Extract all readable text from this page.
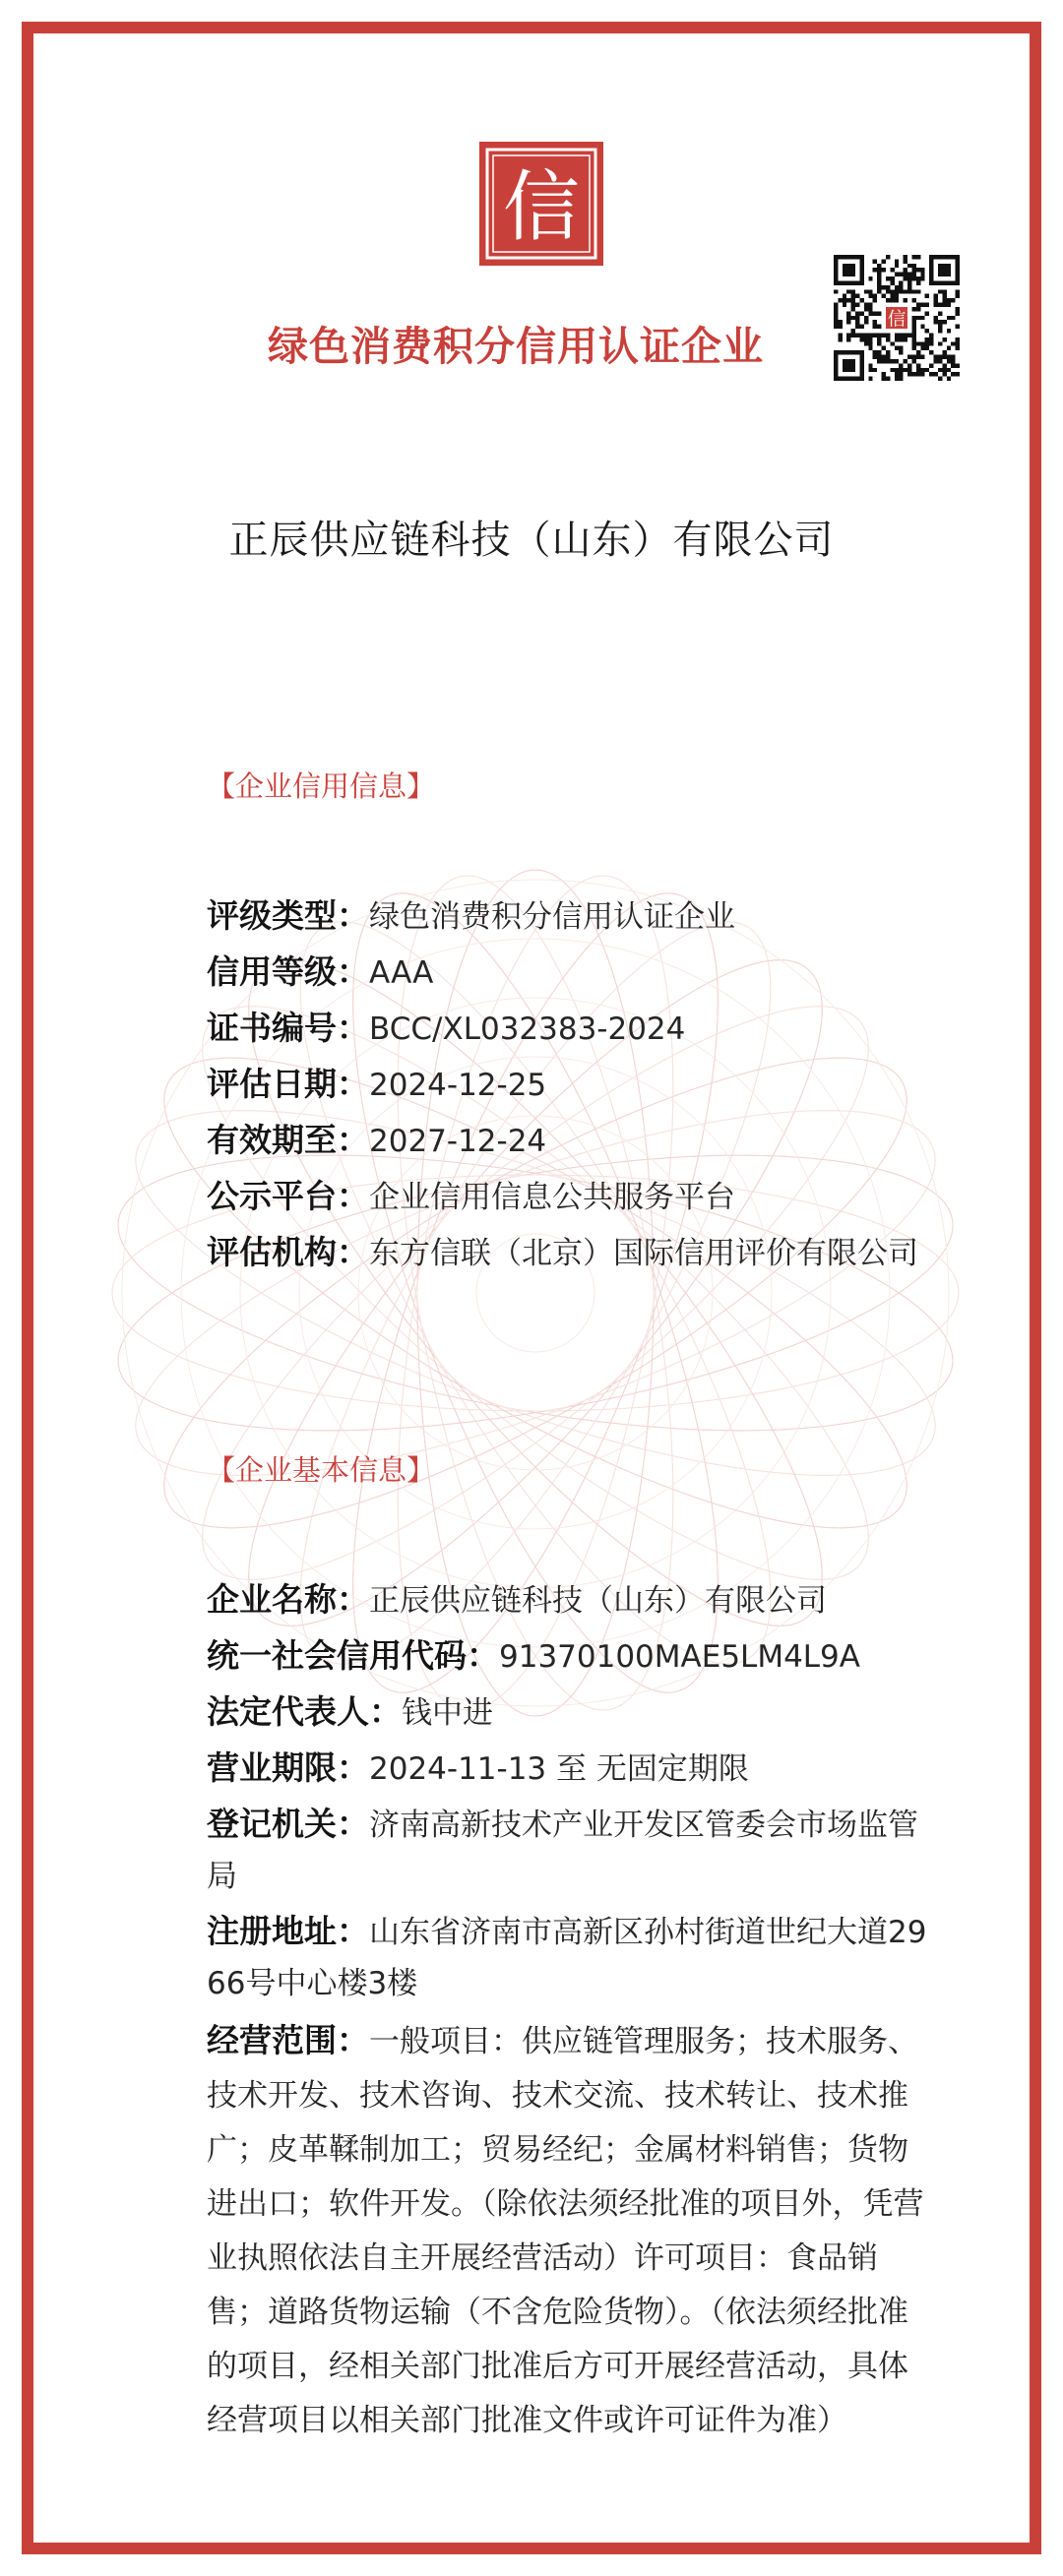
信
信
绿色消费积分信用认证企业
正辰供应链科技（山东）有限公司
【企业信用信息】
评级类型：绿色消费积分信用认证企业
信用等级：AAA
证书编号：BCC/XL032383-2024
评估日期：2024-12-25
有效期至：2027-12-24
公示平台：企业信用信息公共服务平台
评估机构：东方信联（北京）国际信用评价有限公司
【企业基本信息】
企业名称：正辰供应链科技（山东）有限公司
统一社会信用代码：91370100MAE5LM4L9A
法定代表人：钱中进
营业期限：2024-11-13 至 无固定期限
登记机关：济南高新技术产业开发区管委会市场监管局
注册地址：山东省济南市高新区孙村街道世纪大道2966号中心楼3楼
经营范围：一般项目：供应链管理服务；技术服务、技术开发、技术咨询、技术交流、技术转让、技术推广；皮革鞣制加工；贸易经纪；金属材料销售；货物进出口；软件开发。（除依法须经批准的项目外，凭营业执照依法自主开展经营活动）许可项目：食品销售；道路货物运输（不含危险货物）。（依法须经批准的项目，经相关部门批准后方可开展经营活动，具体经营项目以相关部门批准文件或许可证件为准）
